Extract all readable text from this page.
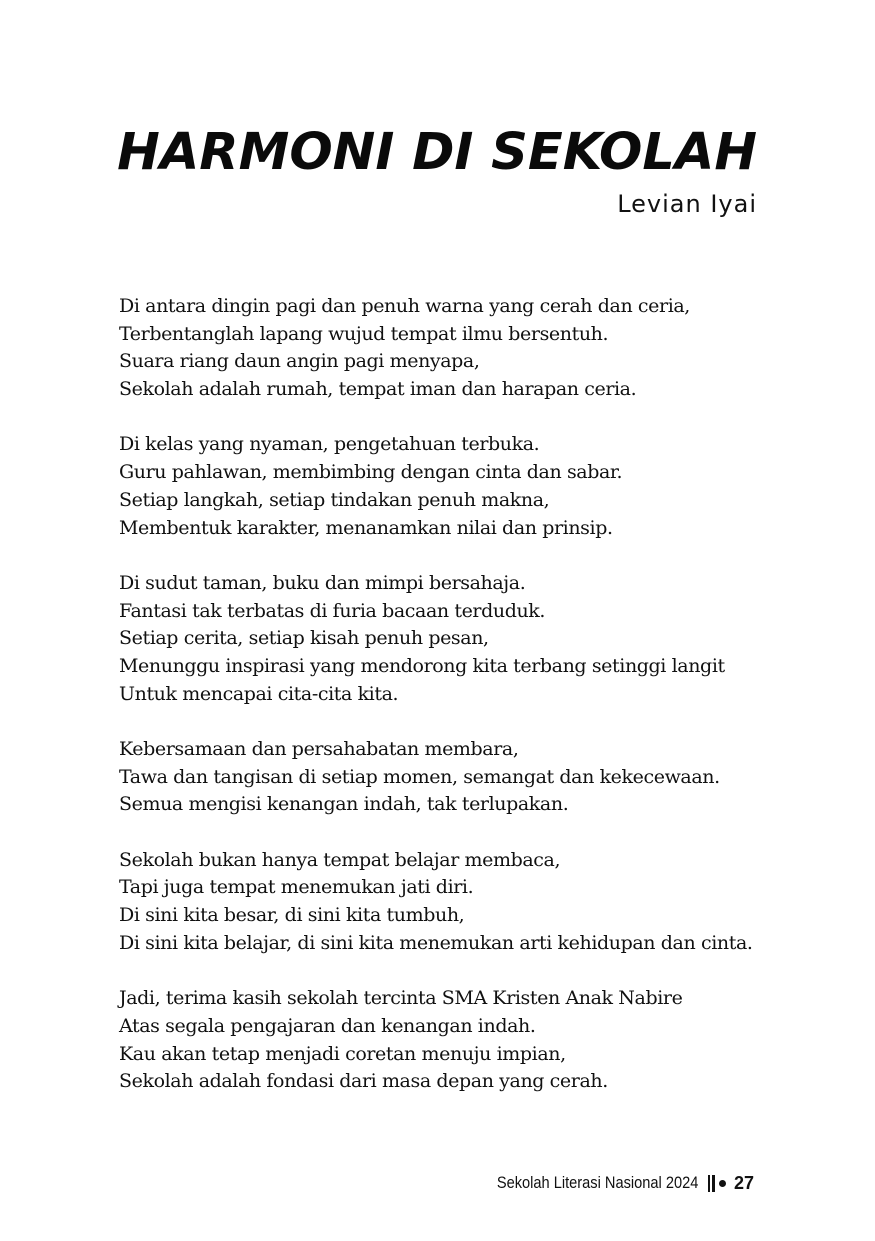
HARMONI DI SEKOLAH
Levian Iyai
Di antara dingin pagi dan penuh warna yang cerah dan ceria,
Terbentanglah lapang wujud tempat ilmu bersentuh.
Suara riang daun angin pagi menyapa,
Sekolah adalah rumah, tempat iman dan harapan ceria.
Di kelas yang nyaman, pengetahuan terbuka.
Guru pahlawan, membimbing dengan cinta dan sabar.
Setiap langkah, setiap tindakan penuh makna,
Membentuk karakter, menanamkan nilai dan prinsip.
Di sudut taman, buku dan mimpi bersahaja.
Fantasi tak terbatas di furia bacaan terduduk.
Setiap cerita, setiap kisah penuh pesan,
Menunggu inspirasi yang mendorong kita terbang setinggi langit
Untuk mencapai cita-cita kita.
Kebersamaan dan persahabatan membara,
Tawa dan tangisan di setiap momen, semangat dan kekecewaan.
Semua mengisi kenangan indah, tak terlupakan.
Sekolah bukan hanya tempat belajar membaca,
Tapi juga tempat menemukan jati diri.
Di sini kita besar, di sini kita tumbuh,
Di sini kita belajar, di sini kita menemukan arti kehidupan dan cinta.
Jadi, terima kasih sekolah tercinta SMA Kristen Anak Nabire
Atas segala pengajaran dan kenangan indah.
Kau akan tetap menjadi coretan menuju impian,
Sekolah adalah fondasi dari masa depan yang cerah.
Sekolah Literasi Nasional 2024 27
